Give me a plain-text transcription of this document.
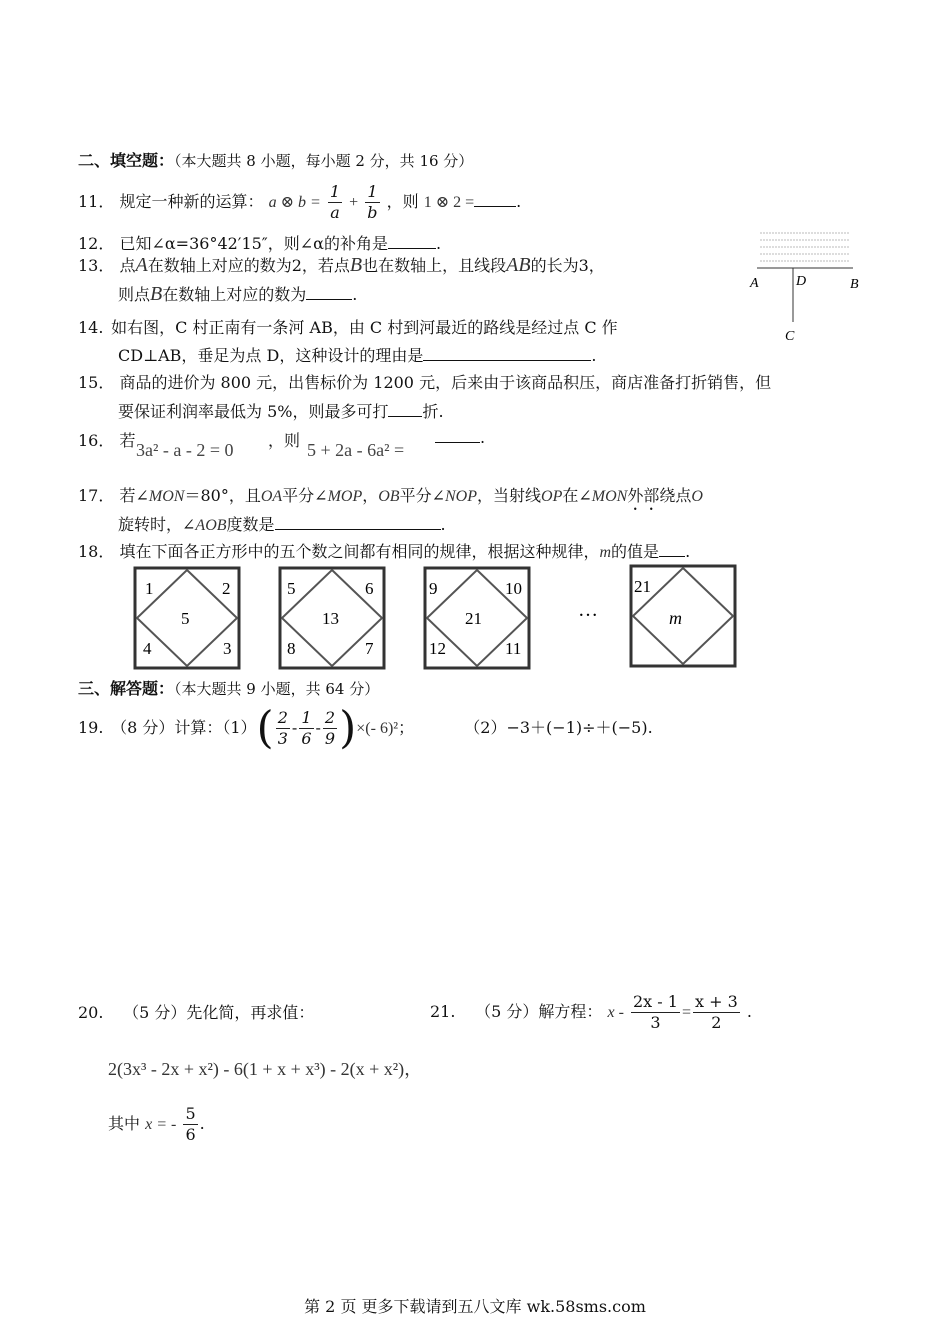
二、填空题：（本大题共 8 小题，每小题 2 分，共 16 分）
11． 规定一种新的运算： a ⊗ $b = \frac{1}{a} + \frac{1}{b}$ ，则 1 ⊗ 2 =	.
12． 已知∠α=36°42′15″，则∠α的补角是	.
13． 点A在数轴上对应的数为2，若点B也在数轴上，且线段AB的长为3，
则点B在数轴上对应的数为	.
A	D	B
C
14. 如右图，C 村正南有一条河 AB，由 C 村到河最近的路线是经过点 C 作
CD⊥AB，垂足为点 D，这种设计的理由是	.
15． 商品的进价为 800 元，出售标价为 1200 元，后来由于该商品积压，商店准备打折销售，但
要保证利润率最低为 5%，则最多可打 折.
16． 若 3a² - a - 2 = 0 ，则 5 + 2a - 6a² =
.
17． 若∠MON＝80°，且OA平分∠MOP，OB平分∠NOP，当射线OP在∠MON外部绕点O
旋转时，∠AOB度数是	.
18． 填在下面各正方形中的五个数之间都有相同的规律，根据这种规律，m的值是 .
1	2
5
4	3
5	6
13
8	7
9	10
21
12	11
…
21
m
三、解答题：（本大题共 9 小题，共 64 分）
19. （8 分）计算：$(1)( \frac{2}{3} - \frac{1}{6} - \frac{2}{9}$ )×(- 6)²；	（2）−3＋(−1)÷＋(−5).
20. （5 分）先化简，再求值：
2(3x³ - 2x + x²) - 6(1 + x + x³) - 2(x + x²)，
其中 x = - $\frac{5}{6}$ .
21. （5 分）解方程： $x - \frac{2x - 1}{3} = \frac{x + 3}{2}$ .
第 2 页 更多下载请到五八文库 wk.58sms.com
